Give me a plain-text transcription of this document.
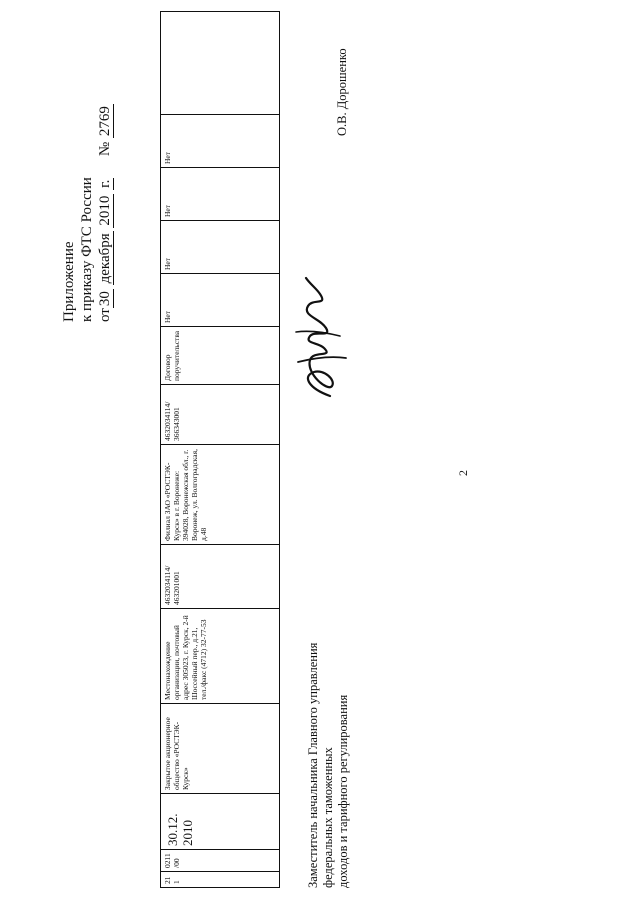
2
Приложение к приказу ФТС России от30 декабря 2010 г.  № 2769
211	0211/00	30.12. 2010	Закрытое акционерное общество «РОСТЭК-Курск»	Местонахождение организации, почтовый адрес 305023, г. Курск, 2-й Шоссейный пер., д.21, тел./факс (4712) 32-77-53	4632034114/ 463201001	Филиал ЗАО «РОСТЭК-Курск» в г. Воронеже: 394028, Воронежская обл., г. Воронеж, ул. Волгоградская, д.48	4632034114/ 366343001	Договор поручительства	Нет	Нет	Нет	Нет	
Заместитель начальника Главного управления федеральных таможенных доходов и тарифного регулирования
О.В. Дорошенко
